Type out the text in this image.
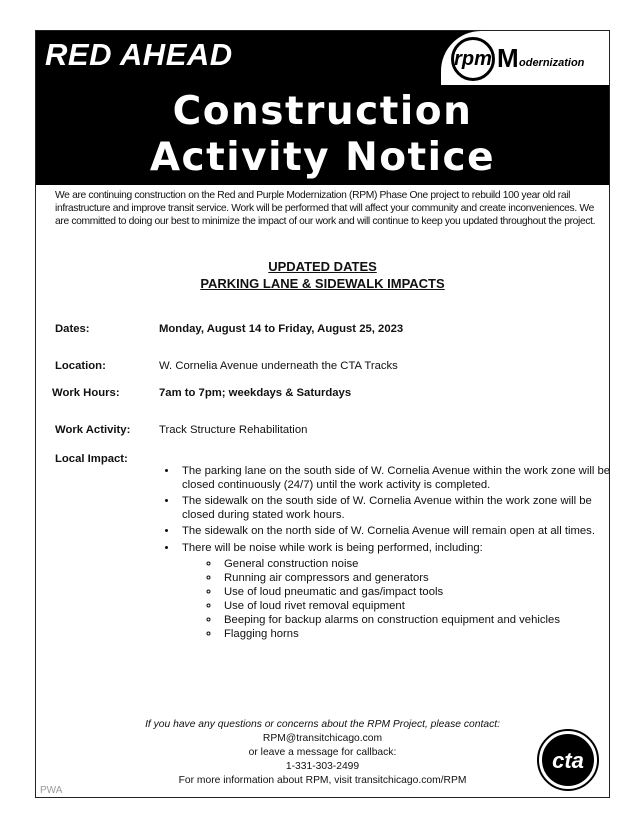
RED AHEAD	rpm M odernization
Construction
Activity Notice
We are continuing construction on the Red and Purple Modernization (RPM) Phase One project to rebuild 100 year old rail infrastructure and improve transit service. Work will be performed that will affect your community and create inconveniences. We are committed to doing our best to minimize the impact of our work and will continue to keep you updated throughout the project.
UPDATED DATES
PARKING LANE & SIDEWALK IMPACTS
Dates:	Monday, August 14 to Friday, August 25, 2023
Location:	W. Cornelia Avenue underneath the CTA Tracks
Work Hours:	7am to 7pm; weekdays & Saturdays
Work Activity:	Track Structure Rehabilitation
Local Impact:
• The parking lane on the south side of W. Cornelia Avenue within the work zone will be closed continuously (24/7) until the work activity is completed.
• The sidewalk on the south side of W. Cornelia Avenue within the work zone will be closed during stated work hours.
• The sidewalk on the north side of W. Cornelia Avenue will remain open at all times.
• There will be noise while work is being performed, including:
◦ General construction noise
◦ Running air compressors and generators
◦ Use of loud pneumatic and gas/impact tools
◦ Use of loud rivet removal equipment
◦ Beeping for backup alarms on construction equipment and vehicles
◦ Flagging horns
If you have any questions or concerns about the RPM Project, please contact:
RPM@transitchicago.com
or leave a message for callback:
1-331-303-2499
For more information about RPM, visit transitchicago.com/RPM
cta
PWA
